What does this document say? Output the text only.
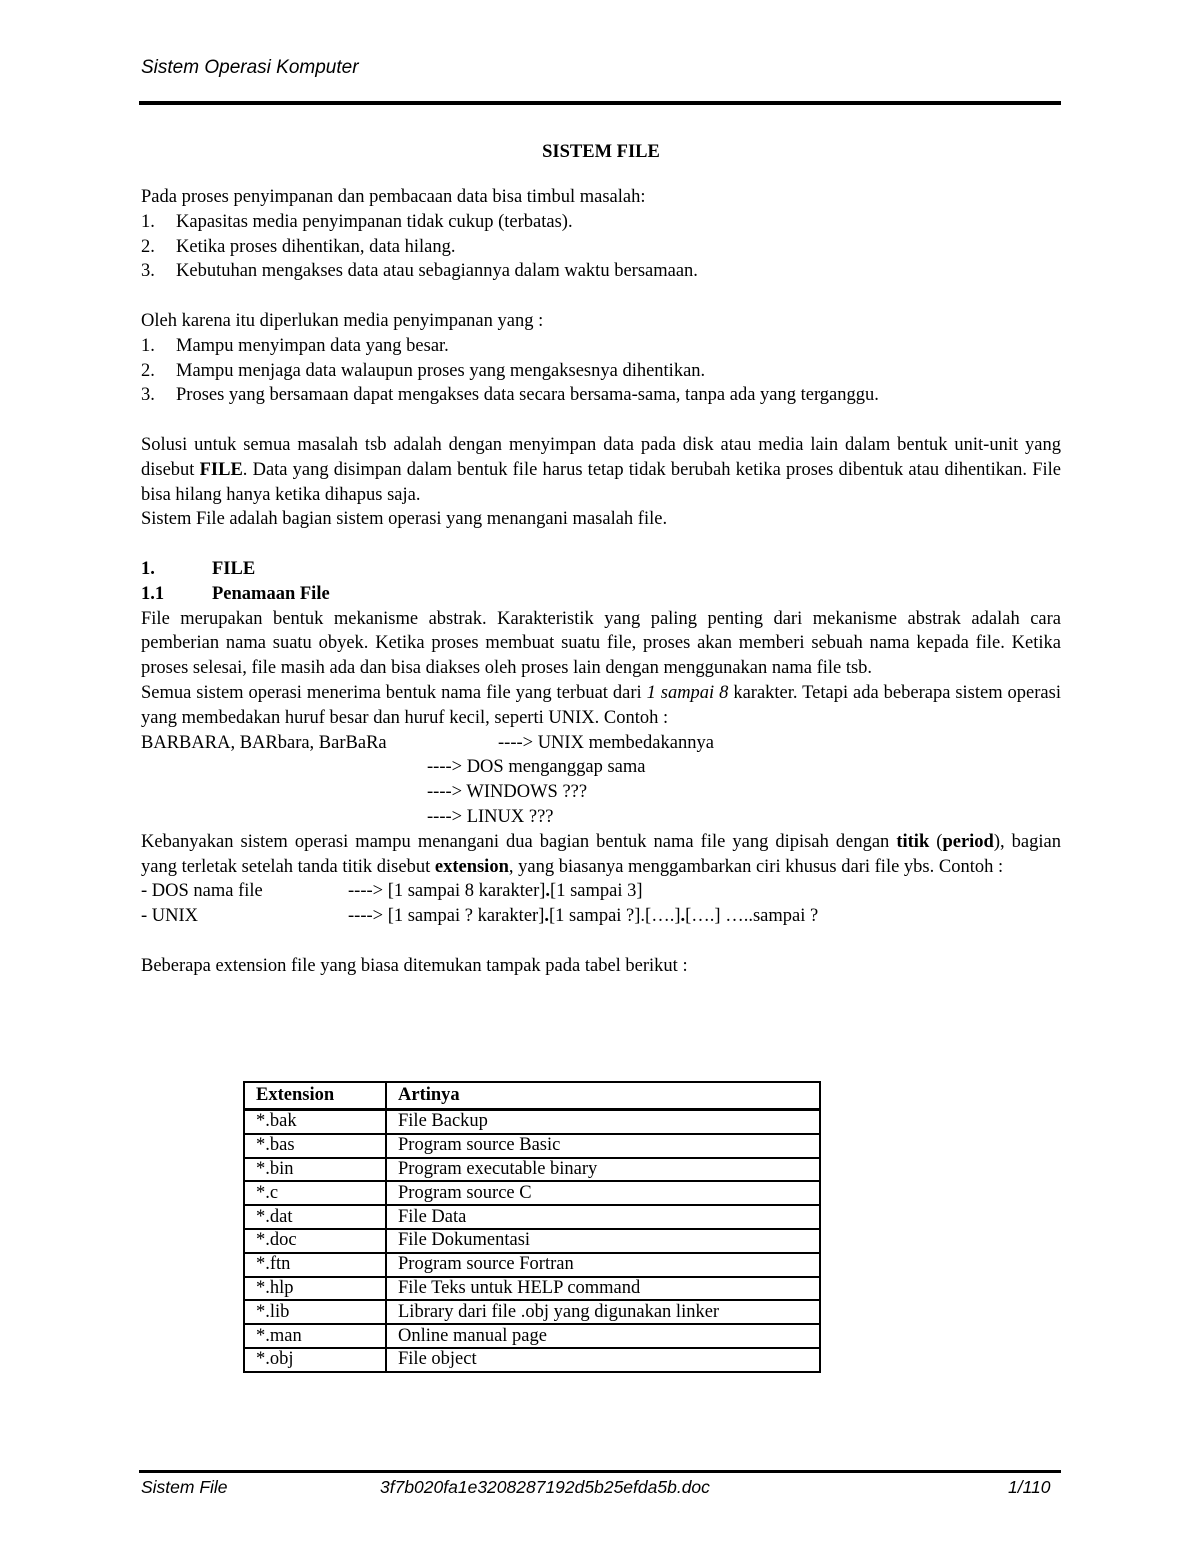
Sistem Operasi Komputer

SISTEM FILE

Pada proses penyimpanan dan pembacaan data bisa timbul masalah:

1. Kapasitas media penyimpanan tidak cukup (terbatas).
2. Ketika proses dihentikan, data hilang.
3. Kebutuhan mengakses data atau sebagiannya dalam waktu bersamaan.

Oleh karena itu diperlukan media penyimpanan yang :

1. Mampu menyimpan data yang besar.
2. Mampu menjaga data walaupun proses yang mengaksesnya dihentikan.
3. Proses yang bersamaan dapat mengakses data secara bersama-sama, tanpa ada yang terganggu.

Solusi untuk semua masalah tsb adalah dengan menyimpan data pada disk atau media lain dalam bentuk unit-unit yang disebut FILE. Data yang disimpan dalam bentuk file harus tetap tidak berubah ketika proses dibentuk atau dihentikan. File bisa hilang hanya ketika dihapus saja.

Sistem File adalah bagian sistem operasi yang menangani masalah file.

1.	FILE
1.1	Penamaan File

File merupakan bentuk mekanisme abstrak. Karakteristik yang paling penting dari mekanisme abstrak adalah cara pemberian nama suatu obyek. Ketika proses membuat suatu file, proses akan memberi sebuah nama kepada file. Ketika proses selesai, file masih ada dan bisa diakses oleh proses lain dengan menggunakan nama file tsb.

Semua sistem operasi menerima bentuk nama file yang terbuat dari 1 sampai 8 karakter. Tetapi ada beberapa sistem operasi yang membedakan huruf besar dan huruf kecil, seperti UNIX. Contoh :

BARBARA, BARbara, BarBaRa	----> UNIX membedakannya
----> DOS menganggap sama
----> WINDOWS ???
----> LINUX ???

Kebanyakan sistem operasi mampu menangani dua bagian bentuk nama file yang dipisah dengan titik (period), bagian yang terletak setelah tanda titik disebut extension, yang biasanya menggambarkan ciri khusus dari file ybs. Contoh :

- DOS nama file	----> [1 sampai 8 karakter].[1 sampai 3]
- UNIX	----> [1 sampai ? karakter].[1 sampai ?].[….].[….] …..sampai ?

Beberapa extension file yang biasa ditemukan tampak pada tabel berikut :

Extension	Artinya
*.bak	File Backup
*.bas	Program source Basic
*.bin	Program executable binary
*.c	Program source C
*.dat	File Data
*.doc	File Dokumentasi
*.ftn	Program source Fortran
*.hlp	File Teks untuk HELP command
*.lib	Library dari file .obj yang digunakan linker
*.man	Online manual page
*.obj	File object
Sistem File	3f7b020fa1e3208287192d5b25efda5b.doc	1/110
